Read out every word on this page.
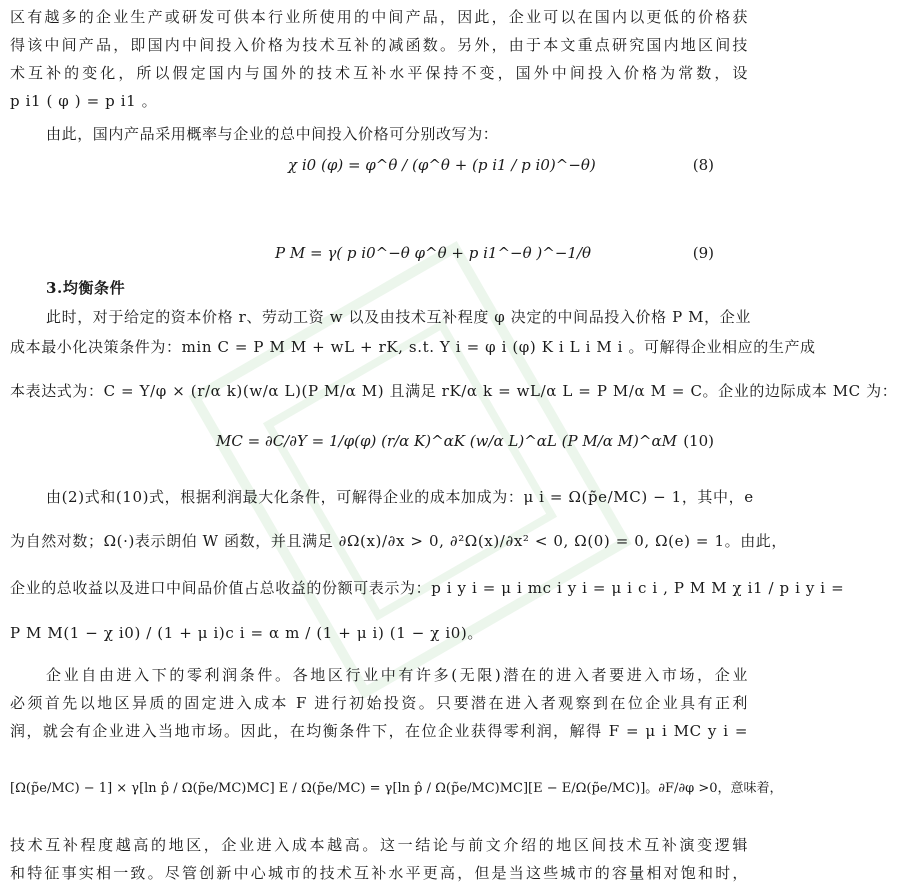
区有越多的企业生产或研发可供本行业所使用的中间产品，因此，企业可以在国内以更低的价格获
得该中间产品，即国内中间投入价格为技术互补的减函数。另外，由于本文重点研究国内地区间技
术互补的变化，所以假定国内与国外的技术互补水平保持不变，国外中间投入价格为常数，设
p i1 ( φ ) = p i1 。
由此，国内产品采用概率与企业的总中间投入价格可分别改写为：
χ i0 (φ) = φ^θ / (φ^θ + (p i1 / p i0)^−θ)	(8)
P M = γ( p i0^−θ φ^θ + p i1^−θ )^−1/θ	(9)
3.均衡条件
此时，对于给定的资本价格 r、劳动工资 w 以及由技术互补程度 φ 决定的中间品投入价格 P M，企业
成本最小化决策条件为：min C = P M M + wL + rK, s.t. Y i = φ i (φ) K i L i M i 。可解得企业相应的生产成
本表达式为：C = Y/φ × (r/α k)(w/α L)(P M/α M) 且满足 rK/α k = wL/α L = P M/α M = C。企业的边际成本 MC 为：
MC = ∂C/∂Y = 1/φ(φ) (r/α K)^αK (w/α L)^αL (P M/α M)^αM (10)
由(2)式和(10)式，根据利润最大化条件，可解得企业的成本加成为：μ i = Ω(p̃e/MC) − 1，其中，e
为自然对数；Ω(·)表示朗伯 W 函数，并且满足 ∂Ω(x)/∂x > 0, ∂²Ω(x)/∂x² < 0, Ω(0) = 0, Ω(e) = 1。由此，
企业的总收益以及进口中间品价值占总收益的份额可表示为：p i y i = μ i mc i y i = μ i c i , P M M χ i1 / p i y i =
P M M(1 − χ i0) / (1 + μ i)c i = α m / (1 + μ i) (1 − χ i0)。
企业自由进入下的零利润条件。各地区行业中有许多(无限)潜在的进入者要进入市场，企业
必须首先以地区异质的固定进入成本 F 进行初始投资。只要潜在进入者观察到在位企业具有正利
润，就会有企业进入当地市场。因此，在均衡条件下，在位企业获得零利润，解得 F = μ i MC y i =
[Ω(p̃e/MC) − 1] × γ[ln p̂ / Ω(p̃e/MC)MC] E / Ω(p̃e/MC) = γ[ln p̂ / Ω(p̃e/MC)MC][E − E/Ω(p̃e/MC)]。∂F/∂φ >0，意味着，
技术互补程度越高的地区，企业进入成本越高。这一结论与前文介绍的地区间技术互补演变逻辑
和特征事实相一致。尽管创新中心城市的技术互补水平更高，但是当这些城市的容量相对饱和时，
